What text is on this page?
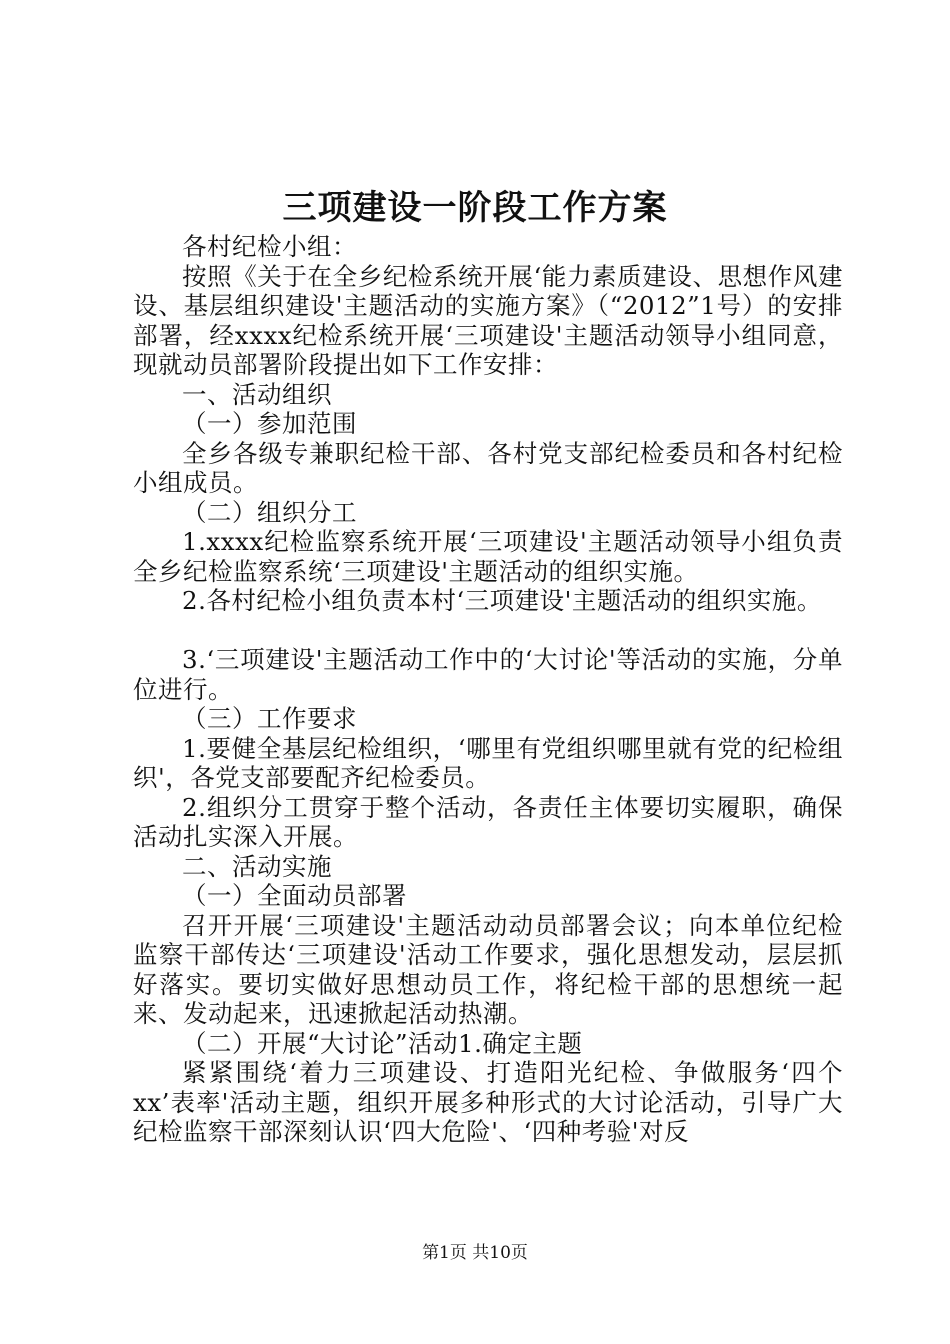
三项建设一阶段工作方案

各村纪检小组：

按照《关于在全乡纪检系统开展‘能力素质建设、思想作风建设、基层组织建设'主题活动的实施方案》（“2012”1号）的安排部署，经xxxx纪检系统开展‘三项建设'主题活动领导小组同意，现就动员部署阶段提出如下工作安排：

一、活动组织

（一）参加范围

全乡各级专兼职纪检干部、各村党支部纪检委员和各村纪检小组成员。

（二）组织分工

1.xxxx纪检监察系统开展‘三项建设'主题活动领导小组负责全乡纪检监察系统‘三项建设'主题活动的组织实施。

2.各村纪检小组负责本村‘三项建设'主题活动的组织实施。

3.‘三项建设'主题活动工作中的‘大讨论'等活动的实施，分单位进行。

（三）工作要求

1.要健全基层纪检组织，‘哪里有党组织哪里就有党的纪检组织'，各党支部要配齐纪检委员。

2.组织分工贯穿于整个活动，各责任主体要切实履职，确保活动扎实深入开展。

二、活动实施

（一）全面动员部署

召开开展‘三项建设'主题活动动员部署会议；向本单位纪检监察干部传达‘三项建设'活动工作要求，强化思想发动，层层抓好落实。要切实做好思想动员工作，将纪检干部的思想统一起来、发动起来，迅速掀起活动热潮。

（二）开展“大讨论”活动1.确定主题

紧紧围绕‘着力三项建设、打造阳光纪检、争做服务‘四个xx’表率'活动主题，组织开展多种形式的大讨论活动，引导广大纪检监察干部深刻认识‘四大危险'、‘四种考验'对反

第1页 共10页
